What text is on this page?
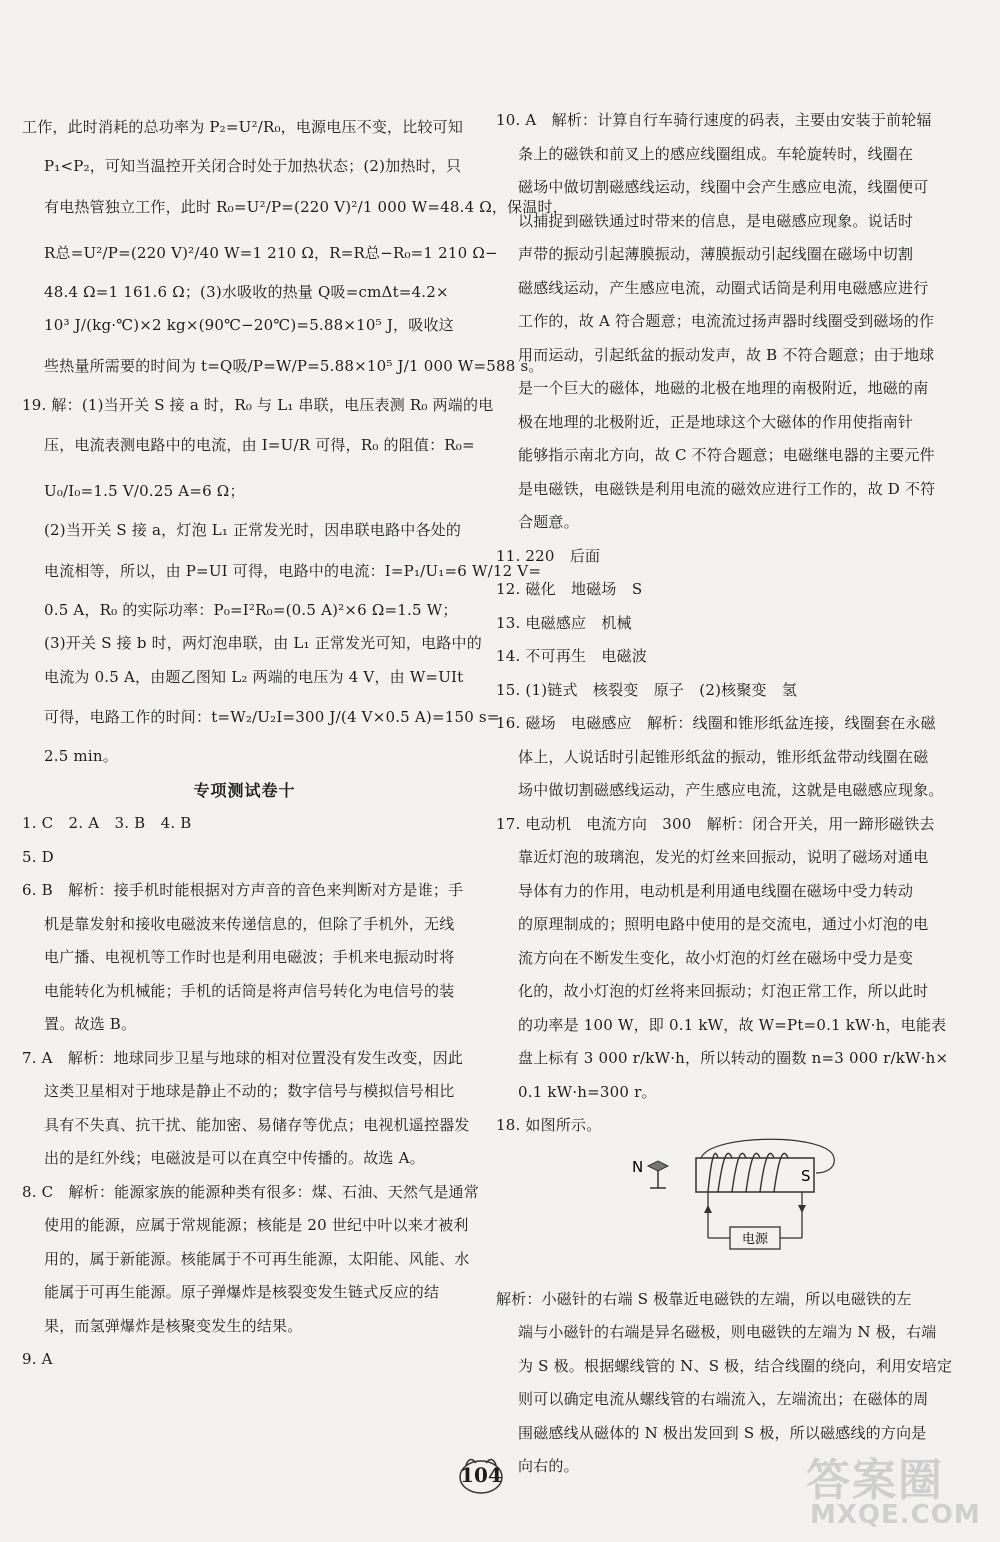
工作，此时消耗的总功率为 P₂=U²/R₀，电源电压不变，比较可知
P₁<P₂，可知当温控开关闭合时处于加热状态；(2)加热时，只
有电热管独立工作，此时 R₀=U²/P=(220 V)²/1 000 W=48.4 Ω，保温时，
R总=U²/P=(220 V)²/40 W=1 210 Ω，R=R总−R₀=1 210 Ω−
48.4 Ω=1 161.6 Ω；(3)水吸收的热量 Q吸=cmΔt=4.2×
10³ J/(kg·℃)×2 kg×(90℃−20℃)=5.88×10⁵ J，吸收这
些热量所需要的时间为 t=Q吸/P=W/P=5.88×10⁵ J/1 000 W=588 s。
19. 解：(1)当开关 S 接 a 时，R₀ 与 L₁ 串联，电压表测 R₀ 两端的电
压，电流表测电路中的电流，由 I=U/R 可得，R₀ 的阻值：R₀=
U₀/I₀=1.5 V/0.25 A=6 Ω；
(2)当开关 S 接 a，灯泡 L₁ 正常发光时，因串联电路中各处的
电流相等，所以，由 P=UI 可得，电路中的电流：I=P₁/U₁=6 W/12 V=
0.5 A，R₀ 的实际功率：P₀=I²R₀=(0.5 A)²×6 Ω=1.5 W；
(3)开关 S 接 b 时，两灯泡串联，由 L₁ 正常发光可知，电路中的
电流为 0.5 A，由题乙图知 L₂ 两端的电压为 4 V，由 W=UIt
可得，电路工作的时间：t=W₂/U₂I=300 J/(4 V×0.5 A)=150 s=
2.5 min。
专项测试卷十
1. C　2. A　3. B　4. B
5. D
6. B　解析：接手机时能根据对方声音的音色来判断对方是谁；手
机是靠发射和接收电磁波来传递信息的，但除了手机外，无线
电广播、电视机等工作时也是利用电磁波；手机来电振动时将
电能转化为机械能；手机的话筒是将声信号转化为电信号的装
置。故选 B。
7. A　解析：地球同步卫星与地球的相对位置没有发生改变，因此
这类卫星相对于地球是静止不动的；数字信号与模拟信号相比
具有不失真、抗干扰、能加密、易储存等优点；电视机遥控器发
出的是红外线；电磁波是可以在真空中传播的。故选 A。
8. C　解析：能源家族的能源种类有很多：煤、石油、天然气是通常
使用的能源，应属于常规能源；核能是 20 世纪中叶以来才被利
用的，属于新能源。核能属于不可再生能源，太阳能、风能、水
能属于可再生能源。原子弹爆炸是核裂变发生链式反应的结
果，而氢弹爆炸是核聚变发生的结果。
9. A
10. A　解析：计算自行车骑行速度的码表，主要由安装于前轮辐
条上的磁铁和前叉上的感应线圈组成。车轮旋转时，线圈在
磁场中做切割磁感线运动，线圈中会产生感应电流，线圈便可
以捕捉到磁铁通过时带来的信息，是电磁感应现象。说话时
声带的振动引起薄膜振动，薄膜振动引起线圈在磁场中切割
磁感线运动，产生感应电流，动圈式话筒是利用电磁感应进行
工作的，故 A 符合题意；电流流过扬声器时线圈受到磁场的作
用而运动，引起纸盆的振动发声，故 B 不符合题意；由于地球
是一个巨大的磁体，地磁的北极在地理的南极附近，地磁的南
极在地理的北极附近，正是地球这个大磁体的作用使指南针
能够指示南北方向，故 C 不符合题意；电磁继电器的主要元件
是电磁铁，电磁铁是利用电流的磁效应进行工作的，故 D 不符
合题意。
11. 220　后面
12. 磁化　地磁场　S
13. 电磁感应　机械
14. 不可再生　电磁波
15. (1)链式　核裂变　原子　(2)核聚变　氢
16. 磁场　电磁感应　解析：线圈和锥形纸盆连接，线圈套在永磁
体上，人说话时引起锥形纸盆的振动，锥形纸盆带动线圈在磁
场中做切割磁感线运动，产生感应电流，这就是电磁感应现象。
17. 电动机　电流方向　300　解析：闭合开关，用一蹄形磁铁去
靠近灯泡的玻璃泡，发光的灯丝来回振动，说明了磁场对通电
导体有力的作用，电动机是利用通电线圈在磁场中受力转动
的原理制成的；照明电路中使用的是交流电，通过小灯泡的电
流方向在不断发生变化，故小灯泡的灯丝在磁场中受力是变
化的，故小灯泡的灯丝将来回振动；灯泡正常工作，所以此时
的功率是 100 W，即 0.1 kW，故 W=Pt=0.1 kW·h，电能表
盘上标有 3 000 r/kW·h，所以转动的圈数 n=3 000 r/kW·h×
0.1 kW·h=300 r。
18. 如图所示。
N	S
电源
解析：小磁针的右端 S 极靠近电磁铁的左端，所以电磁铁的左
端与小磁针的右端是异名磁极，则电磁铁的左端为 N 极，右端
为 S 极。根据螺线管的 N、S 极，结合线圈的绕向，利用安培定
则可以确定电流从螺线管的右端流入，左端流出；在磁体的周
围磁感线从磁体的 N 极出发回到 S 极，所以磁感线的方向是
向右的。
104	答案圈
MXQE.COM
